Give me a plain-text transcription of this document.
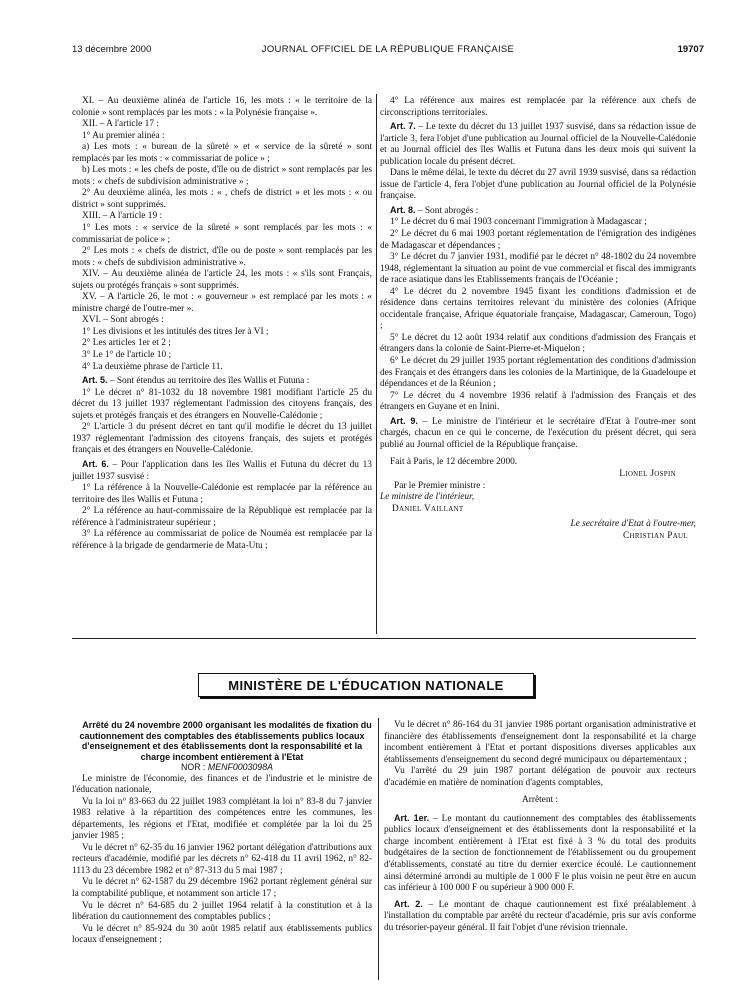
13 décembre 2000	JOURNAL OFFICIEL DE LA RÉPUBLIQUE FRANÇAISE	19707

XI. – Au deuxième alinéa de l'article 16, les mots : « le territoire de la colonie » sont remplacés par les mots : « la Polynésie française ».

XII. – A l'article 17 :

1° Au premier alinéa :

a) Les mots : « bureau de la sûreté » et « service de la sûreté » sont remplacés par les mots : « commissariat de police » ;

b) Les mots : « les chefs de poste, d'île ou de district » sont remplacés par les mots : « chefs de subdivision administrative » ;

2° Au deuxième alinéa, les mots : « , chefs de district » et les mots : « ou district » sont supprimés.

XIII. – A l'article 19 :

1° Les mots : « service de la sûreté » sont remplacés par les mots : « commissariat de police » ;

2° Les mots : « chefs de district, d'île ou de poste » sont remplacés par les mots : « chefs de subdivision administrative ».

XIV. – Au deuxième alinéa de l'article 24, les mots : « s'ils sont Français, sujets ou protégés français » sont supprimés.

XV. – A l'article 26, le mot : « gouverneur » est remplacé par les mots : « ministre chargé de l'outre-mer ».

XVI. – Sont abrogés :

1° Les divisions et les intitulés des titres Ier à VI ;

2° Les articles 1er et 2 ;

3° Le 1° de l'article 10 ;

4° La deuxième phrase de l'article 11.

Art. 5. – Sont étendus au territoire des îles Wallis et Futuna :

1° Le décret n° 81-1032 du 18 novembre 1981 modifiant l'article 25 du décret du 13 juillet 1937 réglementant l'admission des citoyens français, des sujets et protégés français et des étrangers en Nouvelle-Calédonie ;

2° L'article 3 du présent décret en tant qu'il modifie le décret du 13 juillet 1937 réglementant l'admission des citoyens français, des sujets et protégés français et des étrangers en Nouvelle-Calédonie.

Art. 6. – Pour l'application dans les îles Wallis et Futuna du décret du 13 juillet 1937 susvisé :

1° La référence à la Nouvelle-Calédonie est remplacée par la référence au territoire des îles Wallis et Futuna ;

2° La référence au haut-commissaire de la République est remplacée par la référence à l'administrateur supérieur ;

3° La référence au commissariat de police de Nouméa est remplacée par la référence à la brigade de gendarmerie de Mata-Utu ;

4° La référence aux maires est remplacée par la référence aux chefs de circonscriptions territoriales.

Art. 7. – Le texte du décret du 13 juillet 1937 susvisé, dans sa rédaction issue de l'article 3, fera l'objet d'une publication au Journal officiel de la Nouvelle-Calédonie et au Journal officiel des îles Wallis et Futuna dans les deux mois qui suivent la publication locale du présent décret.

Dans le même délai, le texte du décret du 27 avril 1939 susvisé, dans sa rédaction issue de l'article 4, fera l'objet d'une publication au Journal officiel de la Polynésie française.

Art. 8. – Sont abrogés :

1° Le décret du 6 mai 1903 concernant l'immigration à Madagascar ;

2° Le décret du 6 mai 1903 portant réglementation de l'émigration des indigènes de Madagascar et dépendances ;

3° Le décret du 7 janvier 1931, modifié par le décret n° 48-1802 du 24 novembre 1948, réglementant la situation au point de vue commercial et fiscal des immigrants de race asiatique dans les Etablissements français de l'Océanie ;

4° Le décret du 2 novembre 1945 fixant les conditions d'admission et de résidence dans certains territoires relevant du ministère des colonies (Afrique occidentale française, Afrique équatoriale française, Madagascar, Cameroun, Togo) ;

5° Le décret du 12 août 1934 relatif aux conditions d'admission des Français et étrangers dans la colonie de Saint-Pierre-et-Miquelon ;

6° Le décret du 29 juillet 1935 portant réglementation des conditions d'admission des Français et des étrangers dans les colonies de la Martinique, de la Guadeloupe et dépendances et de la Réunion ;

7° Le décret du 4 novembre 1936 relatif à l'admission des Français et des étrangers en Guyane et en Inini.

Art. 9. – Le ministre de l'intérieur et le secrétaire d'Etat à l'outre-mer sont chargés, chacun en ce qui le concerne, de l'exécution du présent décret, qui sera publié au Journal officiel de la République française.

Fait à Paris, le 12 décembre 2000.

Lionel Jospin

Par le Premier ministre :

Le ministre de l'intérieur,

Daniel Vaillant

Le secrétaire d'Etat à l'outre-mer,

Christian Paul

MINISTÈRE DE L'ÉDUCATION NATIONALE

Arrêté du 24 novembre 2000 organisant les modalités de fixation du cautionnement des comptables des établissements publics locaux d'enseignement et des établissements dont la responsabilité et la charge incombent entièrement à l'Etat

NOR : MENF0003098A

Le ministre de l'économie, des finances et de l'industrie et le ministre de l'éducation nationale,

Vu la loi n° 83-663 du 22 juillet 1983 complétant la loi n° 83-8 du 7 janvier 1983 relative à la répartition des compétences entre les communes, les départements, les régions et l'Etat, modifiée et complétée par la loi du 25 janvier 1985 ;

Vu le décret n° 62-35 du 16 janvier 1962 portant délégation d'attributions aux recteurs d'académie, modifié par les décrets n° 62-418 du 11 avril 1962, n° 82-1113 du 23 décembre 1982 et n° 87-313 du 5 mai 1987 ;

Vu le décret n° 62-1587 du 29 décembre 1962 portant règlement général sur la comptabilité publique, et notamment son article 17 ;

Vu le décret n° 64-685 du 2 juillet 1964 relatif à la constitution et à la libération du cautionnement des comptables publics ;

Vu le décret n° 85-924 du 30 août 1985 relatif aux établissements publics locaux d'enseignement ;

Vu le décret n° 86-164 du 31 janvier 1986 portant organisation administrative et financière des établissements d'enseignement dont la responsabilité et la charge incombent entièrement à l'Etat et portant dispositions diverses applicables aux établissements d'enseignement du second degré municipaux ou départementaux ;

Vu l'arrêté du 29 juin 1987 portant délégation de pouvoir aux recteurs d'académie en matière de nomination d'agents comptables,

Arrêtent :

Art. 1er. – Le montant du cautionnement des comptables des établissements publics locaux d'enseignement et des établissements dont la responsabilité et la charge incombent entièrement à l'Etat est fixé à 3 % du total des produits budgétaires de la section de fonctionnement de l'établissement ou du groupement d'établissements, constaté au titre du dernier exercice écoulé. Le cautionnement ainsi déterminé arrondi au multiple de 1 000 F le plus voisin ne peut être en aucun cas inférieur à 100 000 F ou supérieur à 900 000 F.

Art. 2. – Le montant de chaque cautionnement est fixé préalablement à l'installation du comptable par arrêté du recteur d'académie, pris sur avis conforme du trésorier-payeur général. Il fait l'objet d'une révision triennale.
